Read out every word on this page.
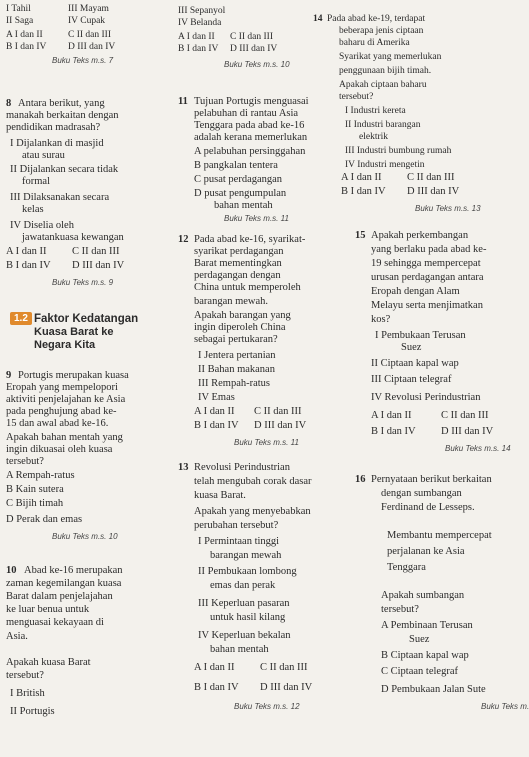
I Tahil
II Saga
A I dan II
B I dan IV
III Mayam
IV Cupak
C II dan III
D III dan IV
Buku Teks m.s. 7
8 Antara berikut, yang
manakah berkaitan dengan
pendidikan madrasah?
I Dijalankan di masjid
atau surau
II Dijalankan secara tidak
formal
III Dilaksanakan secara
kelas
IV Diselia oleh
jawatankuasa kewangan
A I dan II C II dan III
B I dan IV D III dan IV
Buku Teks m.s. 9
1.2 Faktor Kedatangan
Kuasa Barat ke
Negara Kita
9 Portugis merupakan kuasa
Eropah yang mempelopori
aktiviti penjelajahan ke Asia
pada penghujung abad ke-
15 dan awal abad ke-16.
Apakah bahan mentah yang
ingin dikuasai oleh kuasa
tersebut?
A Rempah-ratus
B Kain sutera
C Bijih timah
D Perak dan emas
Buku Teks m.s. 10
10 Abad ke-16 merupakan
zaman kegemilangan kuasa
Barat dalam penjelajahan
ke luar benua untuk
menguasai kekayaan di
Asia.
Apakah kuasa Barat
tersebut?
I British
II Portugis
III Sepanyol
IV Belanda
A I dan II C II dan III
B I dan IV D III dan IV
Buku Teks m.s. 10
11 Tujuan Portugis menguasai
pelabuhan di rantau Asia
Tenggara pada abad ke-16
adalah kerana memerlukan
A pelabuhan persinggahan
B pangkalan tentera
C pusat perdagangan
D pusat pengumpulan
bahan mentah
Buku Teks m.s. 11
12 Pada abad ke-16, syarikat-
syarikat perdagangan
Barat mementingkan
perdagangan dengan
China untuk memperoleh
barangan mewah.
Apakah barangan yang
ingin diperoleh China
sebagai pertukaran?
I Jentera pertanian
II Bahan makanan
III Rempah-ratus
IV Emas
A I dan II C II dan III
B I dan IV D III dan IV
Buku Teks m.s. 11
13 Revolusi Perindustrian
telah mengubah corak dasar
kuasa Barat.
Apakah yang menyebabkan
perubahan tersebut?
I Permintaan tinggi
barangan mewah
II Pembukaan lombong
emas dan perak
III Keperluan pasaran
untuk hasil kilang
IV Keperluan bekalan
bahan mentah
A I dan II C II dan III
B I dan IV D III dan IV
Buku Teks m.s. 12
14 Pada abad ke-19, terdapat
beberapa jenis ciptaan
baharu di Amerika
Syarikat yang memerlukan
penggunaan bijih timah.
Apakah ciptaan baharu
tersebut?
I Industri kereta
II Industri barangan
elektrik
III Industri bumbung rumah
IV Industri mengetin
A I dan II C II dan III
B I dan IV D III dan IV
Buku Teks m.s. 13
15 Apakah perkembangan
yang berlaku pada abad ke-
19 sehingga mempercepat
urusan perdagangan antara
Eropah dengan Alam
Melayu serta menjimatkan
kos?
I Pembukaan Terusan
Suez
II Ciptaan kapal wap
III Ciptaan telegraf
IV Revolusi Perindustrian
A I dan II	C II dan III
B I dan IV D III dan IV
Buku Teks m.s. 14
16 Pernyataan berikut berkaitan
dengan sumbangan
Ferdinand de Lesseps.
Membantu mempercepat
perjalanan ke Asia
Tenggara
Apakah sumbangan
tersebut?
A Pembinaan Terusan
Suez
B Ciptaan kapal wap
C Ciptaan telegraf
D Pembukaan Jalan Sute
Buku Teks m.
